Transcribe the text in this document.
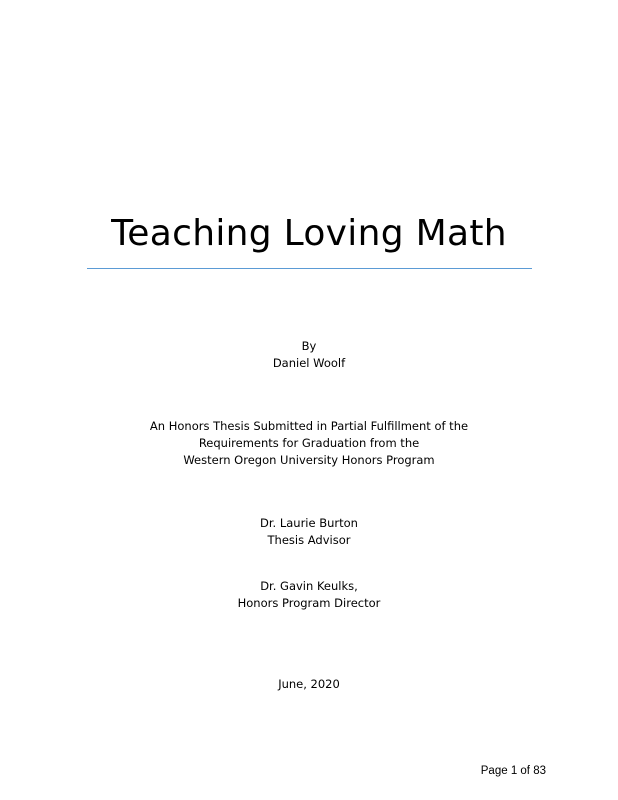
Teaching Loving Math
By
Daniel Woolf
An Honors Thesis Submitted in Partial Fulfillment of the
Requirements for Graduation from the
Western Oregon University Honors Program
Dr. Laurie Burton
Thesis Advisor
Dr. Gavin Keulks,
Honors Program Director
June, 2020
Page 1 of 83
